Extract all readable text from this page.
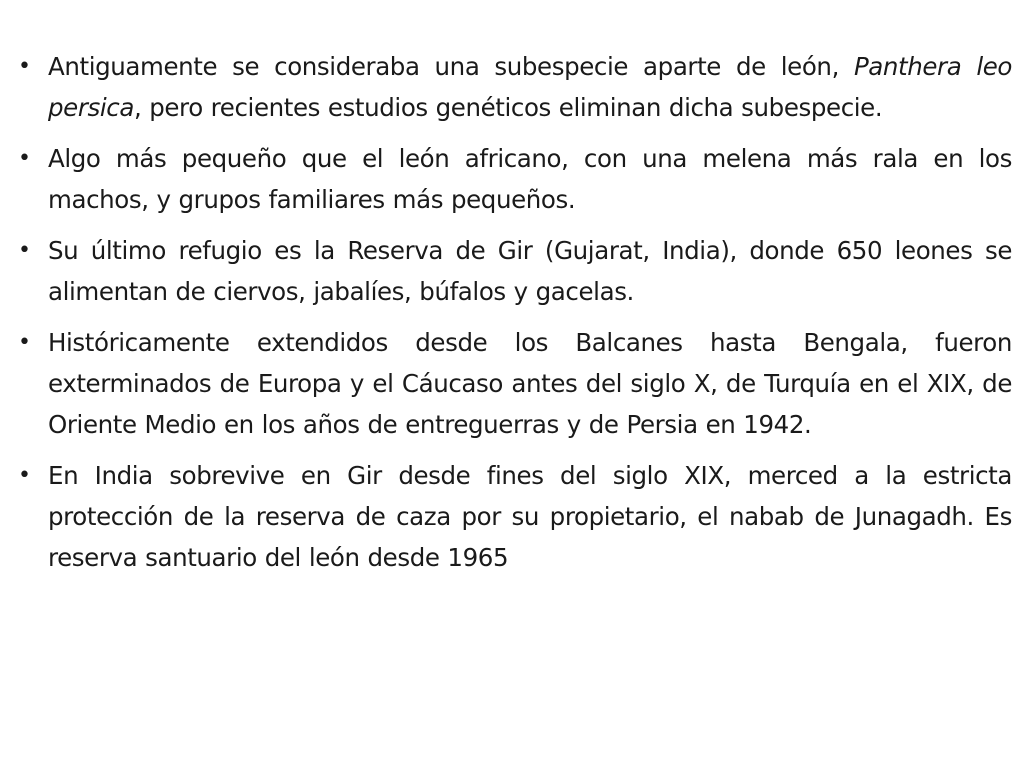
• Antiguamente se consideraba una subespecie aparte de león, Panthera leo persica, pero recientes estudios genéticos eliminan dicha subespecie.
• Algo más pequeño que el león africano, con una melena más rala en los machos, y grupos familiares más pequeños.
• Su último refugio es la Reserva de Gir (Gujarat, India), donde 650 leones se alimentan de ciervos, jabalíes, búfalos y gacelas.
• Históricamente extendidos desde los Balcanes hasta Bengala, fueron exterminados de Europa y el Cáucaso antes del siglo X, de Turquía en el XIX, de Oriente Medio en los años de entreguerras y de Persia en 1942.
• En India sobrevive en Gir desde fines del siglo XIX, merced a la estricta protección de la reserva de caza por su propietario, el nabab de Junagadh. Es reserva santuario del león desde 1965
